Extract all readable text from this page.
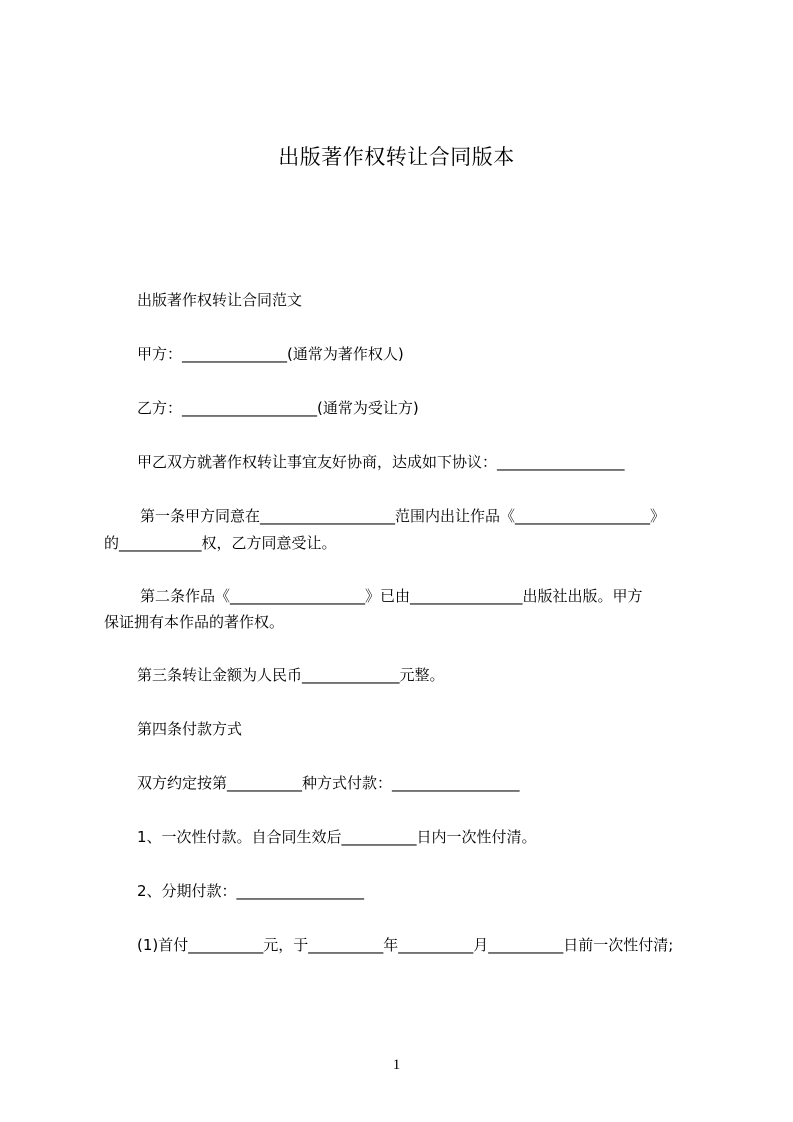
出版著作权转让合同版本
出版著作权转让合同范文
甲方：______________(通常为著作权人)
乙方：__________________(通常为受让方)
甲乙双方就著作权转让事宜友好协商，达成如下协议：_________________
第一条甲方同意在__________________范围内出让作品《__________________》
的___________权，乙方同意受让。
第二条作品《__________________》已由_______________出版社出版。甲方
保证拥有本作品的著作权。
第三条转让金额为人民币_____________元整。
第四条付款方式
双方约定按第__________种方式付款：_________________
1、一次性付款。自合同生效后__________日内一次性付清。
2、分期付款：_________________
(1)首付__________元，于__________年__________月__________日前一次性付清;
1
